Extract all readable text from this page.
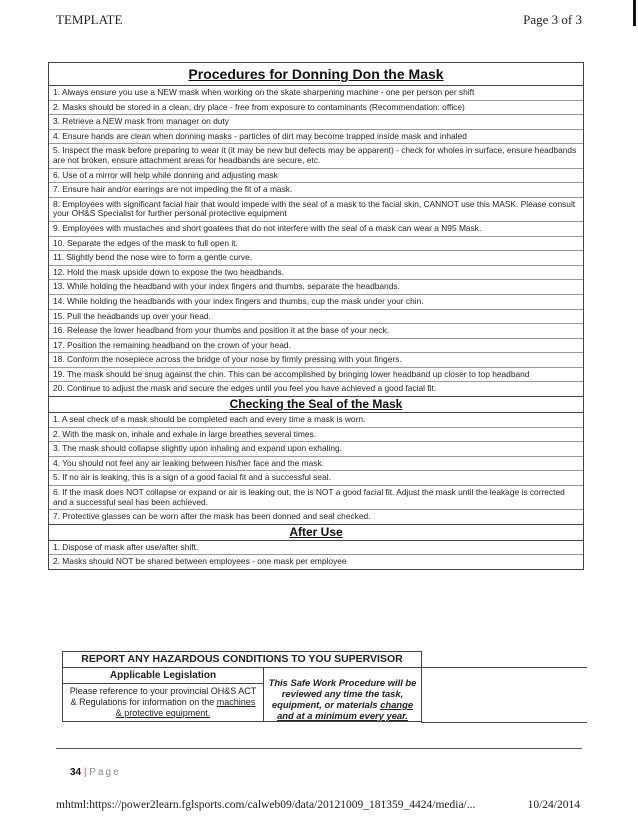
TEMPLATE	Page 3 of 3
Procedures for Donning Don the Mask
1. Always ensure you use a NEW mask when working on the skate sharpening machine - one per person per shift
2. Masks should be stored in a clean, dry place - free from exposure to contaminants (Recommendation: office)
3. Retrieve a NEW mask from manager on duty
4. Ensure hands are clean when donning masks - particles of dirt may become trapped inside mask and inhaled
5. Inspect the mask before preparing to wear it (it may be new but defects may be apparent) - check for wholes in surface, ensure headbands are not broken, ensure attachment areas for headbands are secure, etc.
6. Use of a mirror will help while donning and adjusting mask
7. Ensure hair and/or earrings are not impeding the fit of a mask.
8. Employees with significant facial hair that would impede with the seal of a mask to the facial skin, CANNOT use this MASK. Please consult your OH&S Specialist for further personal protective equipment
9. Employees with mustaches and short goatees that do not interfere with the seal of a mask can wear a N95 Mask.
10. Separate the edges of the mask to full open it.
11. Slightly bend the nose wire to form a gentle curve.
12. Hold the mask upside down to expose the two headbands.
13. While holding the headband with your index fingers and thumbs, separate the headbands.
14. While holding the headbands with your index fingers and thumbs, cup the mask under your chin.
15. Pull the headbands up over your head.
16. Release the lower headband from your thumbs and position it at the base of your neck.
17. Position the remaining headband on the crown of your head.
18. Conform the nosepiece across the bridge of your nose by firmly pressing with your fingers.
19. The mask should be snug against the chin. This can be accomplished by bringing lower headband up closer to top headband
20. Continue to adjust the mask and secure the edges until you feel you have achieved a good facial fit.
Checking the Seal of the Mask
1. A seal check of a mask should be completed each and every time a mask is worn.
2. With the mask on, inhale and exhale in large breathes several times.
3. The mask should collapse slightly upon inhaling and expand upon exhaling.
4. You should not feel any air leaking between his/her face and the mask.
5. If no air is leaking, this is a sign of a good facial fit and a successful seal.
6. If the mask does NOT collapse or expand or air is leaking out, the is NOT a good facial fit. Adjust the mask until the leakage is corrected and a successful seal has been achieved.
7. Protective glasses can be worn after the mask has been donned and seal checked.
After Use
1. Dispose of mask after use/after shift.
2. Masks should NOT be shared between employees - one mask per employee
REPORT ANY HAZARDOUS CONDITIONS TO YOU SUPERVISOR
Applicable Legislation
Please reference to your provincial OH&S ACT & Regulations for information on the machines & protective equipment.
This Safe Work Procedure will be reviewed any time the task, equipment, or materials change and at a minimum every year.
34 | Page
mhtml:https://power2learn.fglsports.com/calweb09/data/20121009_181359_4424/media/...	10/24/2014
